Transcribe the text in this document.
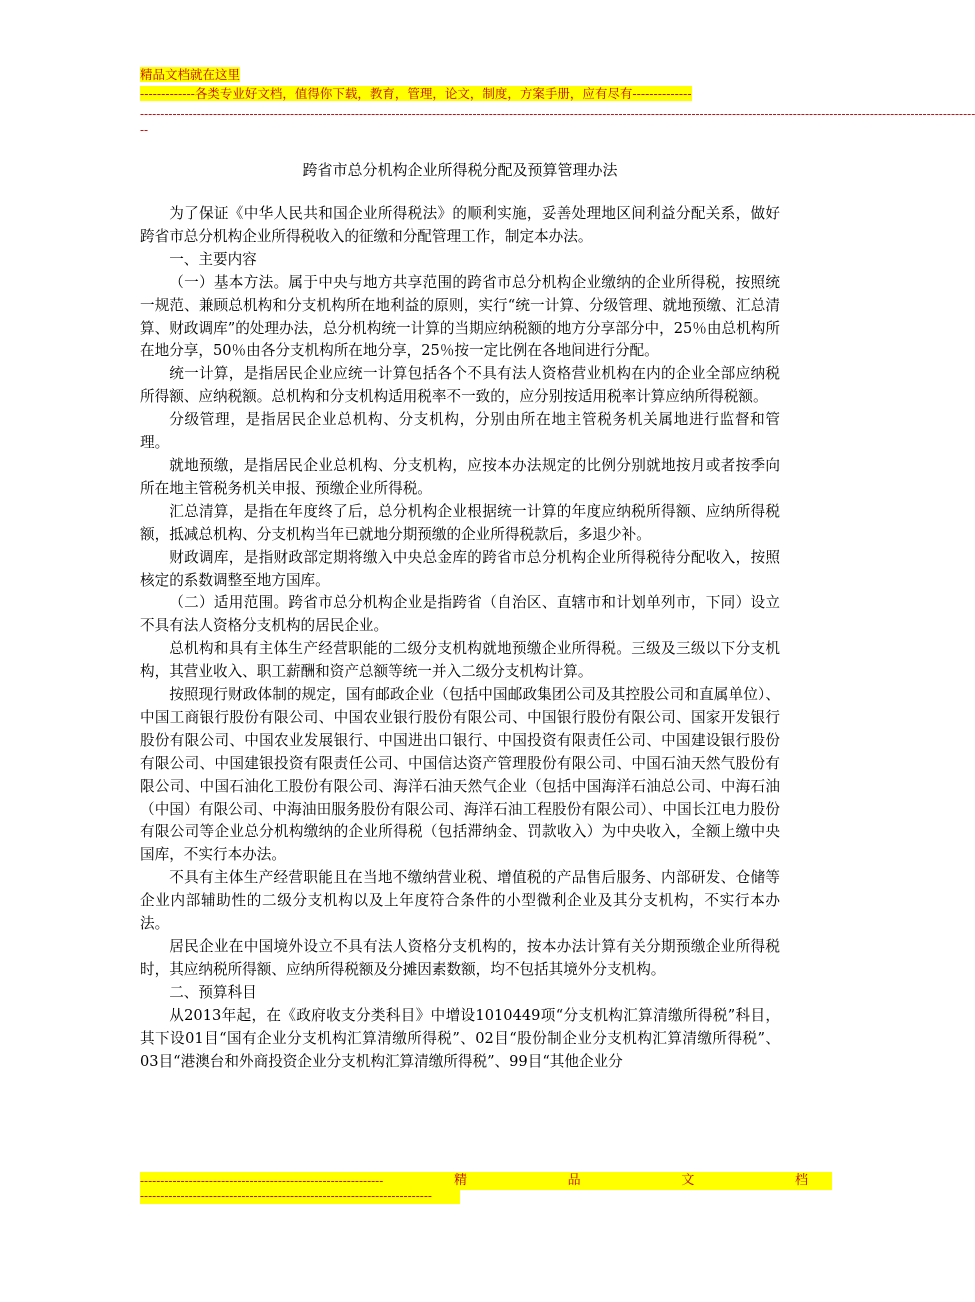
精品文档就在这里
-------------各类专业好文档，值得你下载，教育，管理，论文，制度，方案手册，应有尽有--------------
--------------------------------------------------------------------------------------------------------------------------------------------------------------------------------------------------------------
--
跨省市总分机构企业所得税分配及预算管理办法

为了保证《中华人民共和国企业所得税法》的顺利实施，妥善处理地区间利益分配关系，做好跨省市总分机构企业所得税收入的征缴和分配管理工作，制定本办法。

一、主要内容

（一）基本方法。属于中央与地方共享范围的跨省市总分机构企业缴纳的企业所得税，按照统一规范、兼顾总机构和分支机构所在地利益的原则，实行“统一计算、分级管理、就地预缴、汇总清算、财政调库”的处理办法，总分机构统一计算的当期应纳税额的地方分享部分中，25％由总机构所在地分享，50％由各分支机构所在地分享，25％按一定比例在各地间进行分配。

统一计算，是指居民企业应统一计算包括各个不具有法人资格营业机构在内的企业全部应纳税所得额、应纳税额。总机构和分支机构适用税率不一致的，应分别按适用税率计算应纳所得税额。

分级管理，是指居民企业总机构、分支机构，分别由所在地主管税务机关属地进行监督和管理。

就地预缴，是指居民企业总机构、分支机构，应按本办法规定的比例分别就地按月或者按季向所在地主管税务机关申报、预缴企业所得税。

汇总清算，是指在年度终了后，总分机构企业根据统一计算的年度应纳税所得额、应纳所得税额，抵减总机构、分支机构当年已就地分期预缴的企业所得税款后，多退少补。

财政调库，是指财政部定期将缴入中央总金库的跨省市总分机构企业所得税待分配收入，按照核定的系数调整至地方国库。

（二）适用范围。跨省市总分机构企业是指跨省（自治区、直辖市和计划单列市，下同）设立不具有法人资格分支机构的居民企业。

总机构和具有主体生产经营职能的二级分支机构就地预缴企业所得税。三级及三级以下分支机构，其营业收入、职工薪酬和资产总额等统一并入二级分支机构计算。

按照现行财政体制的规定，国有邮政企业（包括中国邮政集团公司及其控股公司和直属单位）、中国工商银行股份有限公司、中国农业银行股份有限公司、中国银行股份有限公司、国家开发银行股份有限公司、中国农业发展银行、中国进出口银行、中国投资有限责任公司、中国建设银行股份有限公司、中国建银投资有限责任公司、中国信达资产管理股份有限公司、中国石油天然气股份有限公司、中国石油化工股份有限公司、海洋石油天然气企业（包括中国海洋石油总公司、中海石油（中国）有限公司、中海油田服务股份有限公司、海洋石油工程股份有限公司）、中国长江电力股份有限公司等企业总分机构缴纳的企业所得税（包括滞纳金、罚款收入）为中央收入，全额上缴中央国库，不实行本办法。

不具有主体生产经营职能且在当地不缴纳营业税、增值税的产品售后服务、内部研发、仓储等企业内部辅助性的二级分支机构以及上年度符合条件的小型微利企业及其分支机构，不实行本办法。

居民企业在中国境外设立不具有法人资格分支机构的，按本办法计算有关分期预缴企业所得税时，其应纳税所得额、应纳所得税额及分摊因素数额，均不包括其境外分支机构。

二、预算科目

从2013年起，在《政府收支分类科目》中增设1010449项“分支机构汇算清缴所得税”科目，其下设01目“国有企业分支机构汇算清缴所得税”、02目“股份制企业分支机构汇算清缴所得税”、03目“港澳台和外商投资企业分支机构汇算清缴所得税”、99目“其他企业分

------------------------------------------------------------	精	品	文	档
------------------------------------------------------------------------
